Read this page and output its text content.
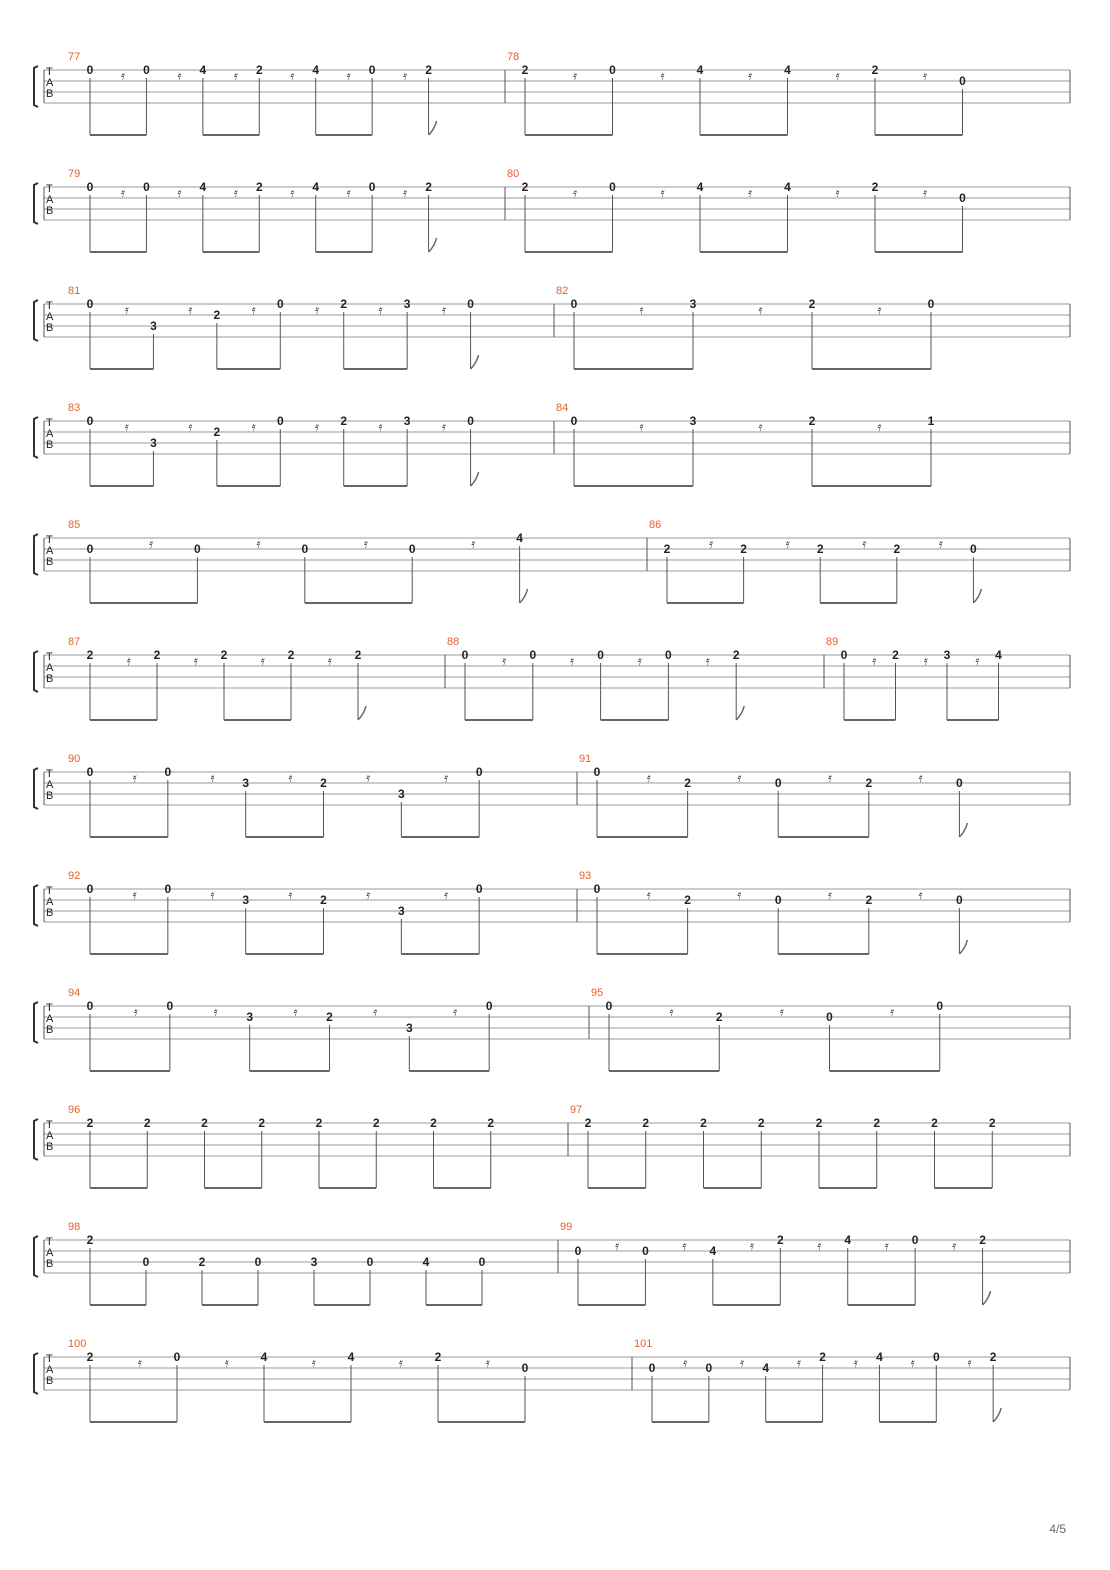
T
A
B
77
0 𝄿 0 𝄿 4 𝄿 2 𝄿 4 𝄿 0 𝄿 2
78
2	𝄿	0	𝄿	4	𝄿	4	𝄿	2	𝄿	0
T
A
B
79
0 𝄿 0 𝄿 4 𝄿 2 𝄿 4 𝄿 0 𝄿 2
80
2	𝄿	0	𝄿	4	𝄿	4	𝄿	2	𝄿	0
T
A
B
81
0 𝄿
3
𝄿 2 𝄿 0 𝄿 2 𝄿 3 𝄿 0
82
0	𝄿	3	𝄿	2	𝄿	0
T
A
B
83
0 𝄿
3
𝄿 2 𝄿 0 𝄿 2 𝄿 3 𝄿 0
84
0	𝄿	3	𝄿	2	𝄿	1
T
A
B
85
0	𝄿	0	𝄿	0	𝄿	0	𝄿	4
86
2	𝄿 2	𝄿 2	𝄿 2	𝄿 0
T
A
B
87
2	𝄿 2	𝄿 2	𝄿 2	𝄿 2
88
0	𝄿 0	𝄿 0	𝄿 0	𝄿 2
89
0 𝄿 2 𝄿 3 𝄿 4
T
A
B
90
0	𝄿 0	𝄿 3	𝄿 2	𝄿
3
𝄿 0
91
0	𝄿	2	𝄿	0	𝄿	2	𝄿	0
T
A
B
92
0	𝄿 0	𝄿 3	𝄿 2	𝄿
3
𝄿 0
93
0	𝄿	2	𝄿	0	𝄿	2	𝄿	0
T
A
B
94
0	𝄿 0	𝄿 3	𝄿 2	𝄿
3
𝄿 0
95
0	𝄿	2	𝄿	0	𝄿	0
T
A
B
96
2	2	2	2	2	2	2	2
97
2	2	2	2	2	2	2	2
T
A
B
98
2
0	2	0	3	0	4	0
99
0	𝄿 0	𝄿 4	𝄿 2	𝄿 4	𝄿 0	𝄿 2
T
A
B
100
2	𝄿	0	𝄿	4	𝄿	4	𝄿	2	𝄿	0
101
0 𝄿 0 𝄿 4 𝄿 2 𝄿 4 𝄿 0 𝄿 2
4/5
